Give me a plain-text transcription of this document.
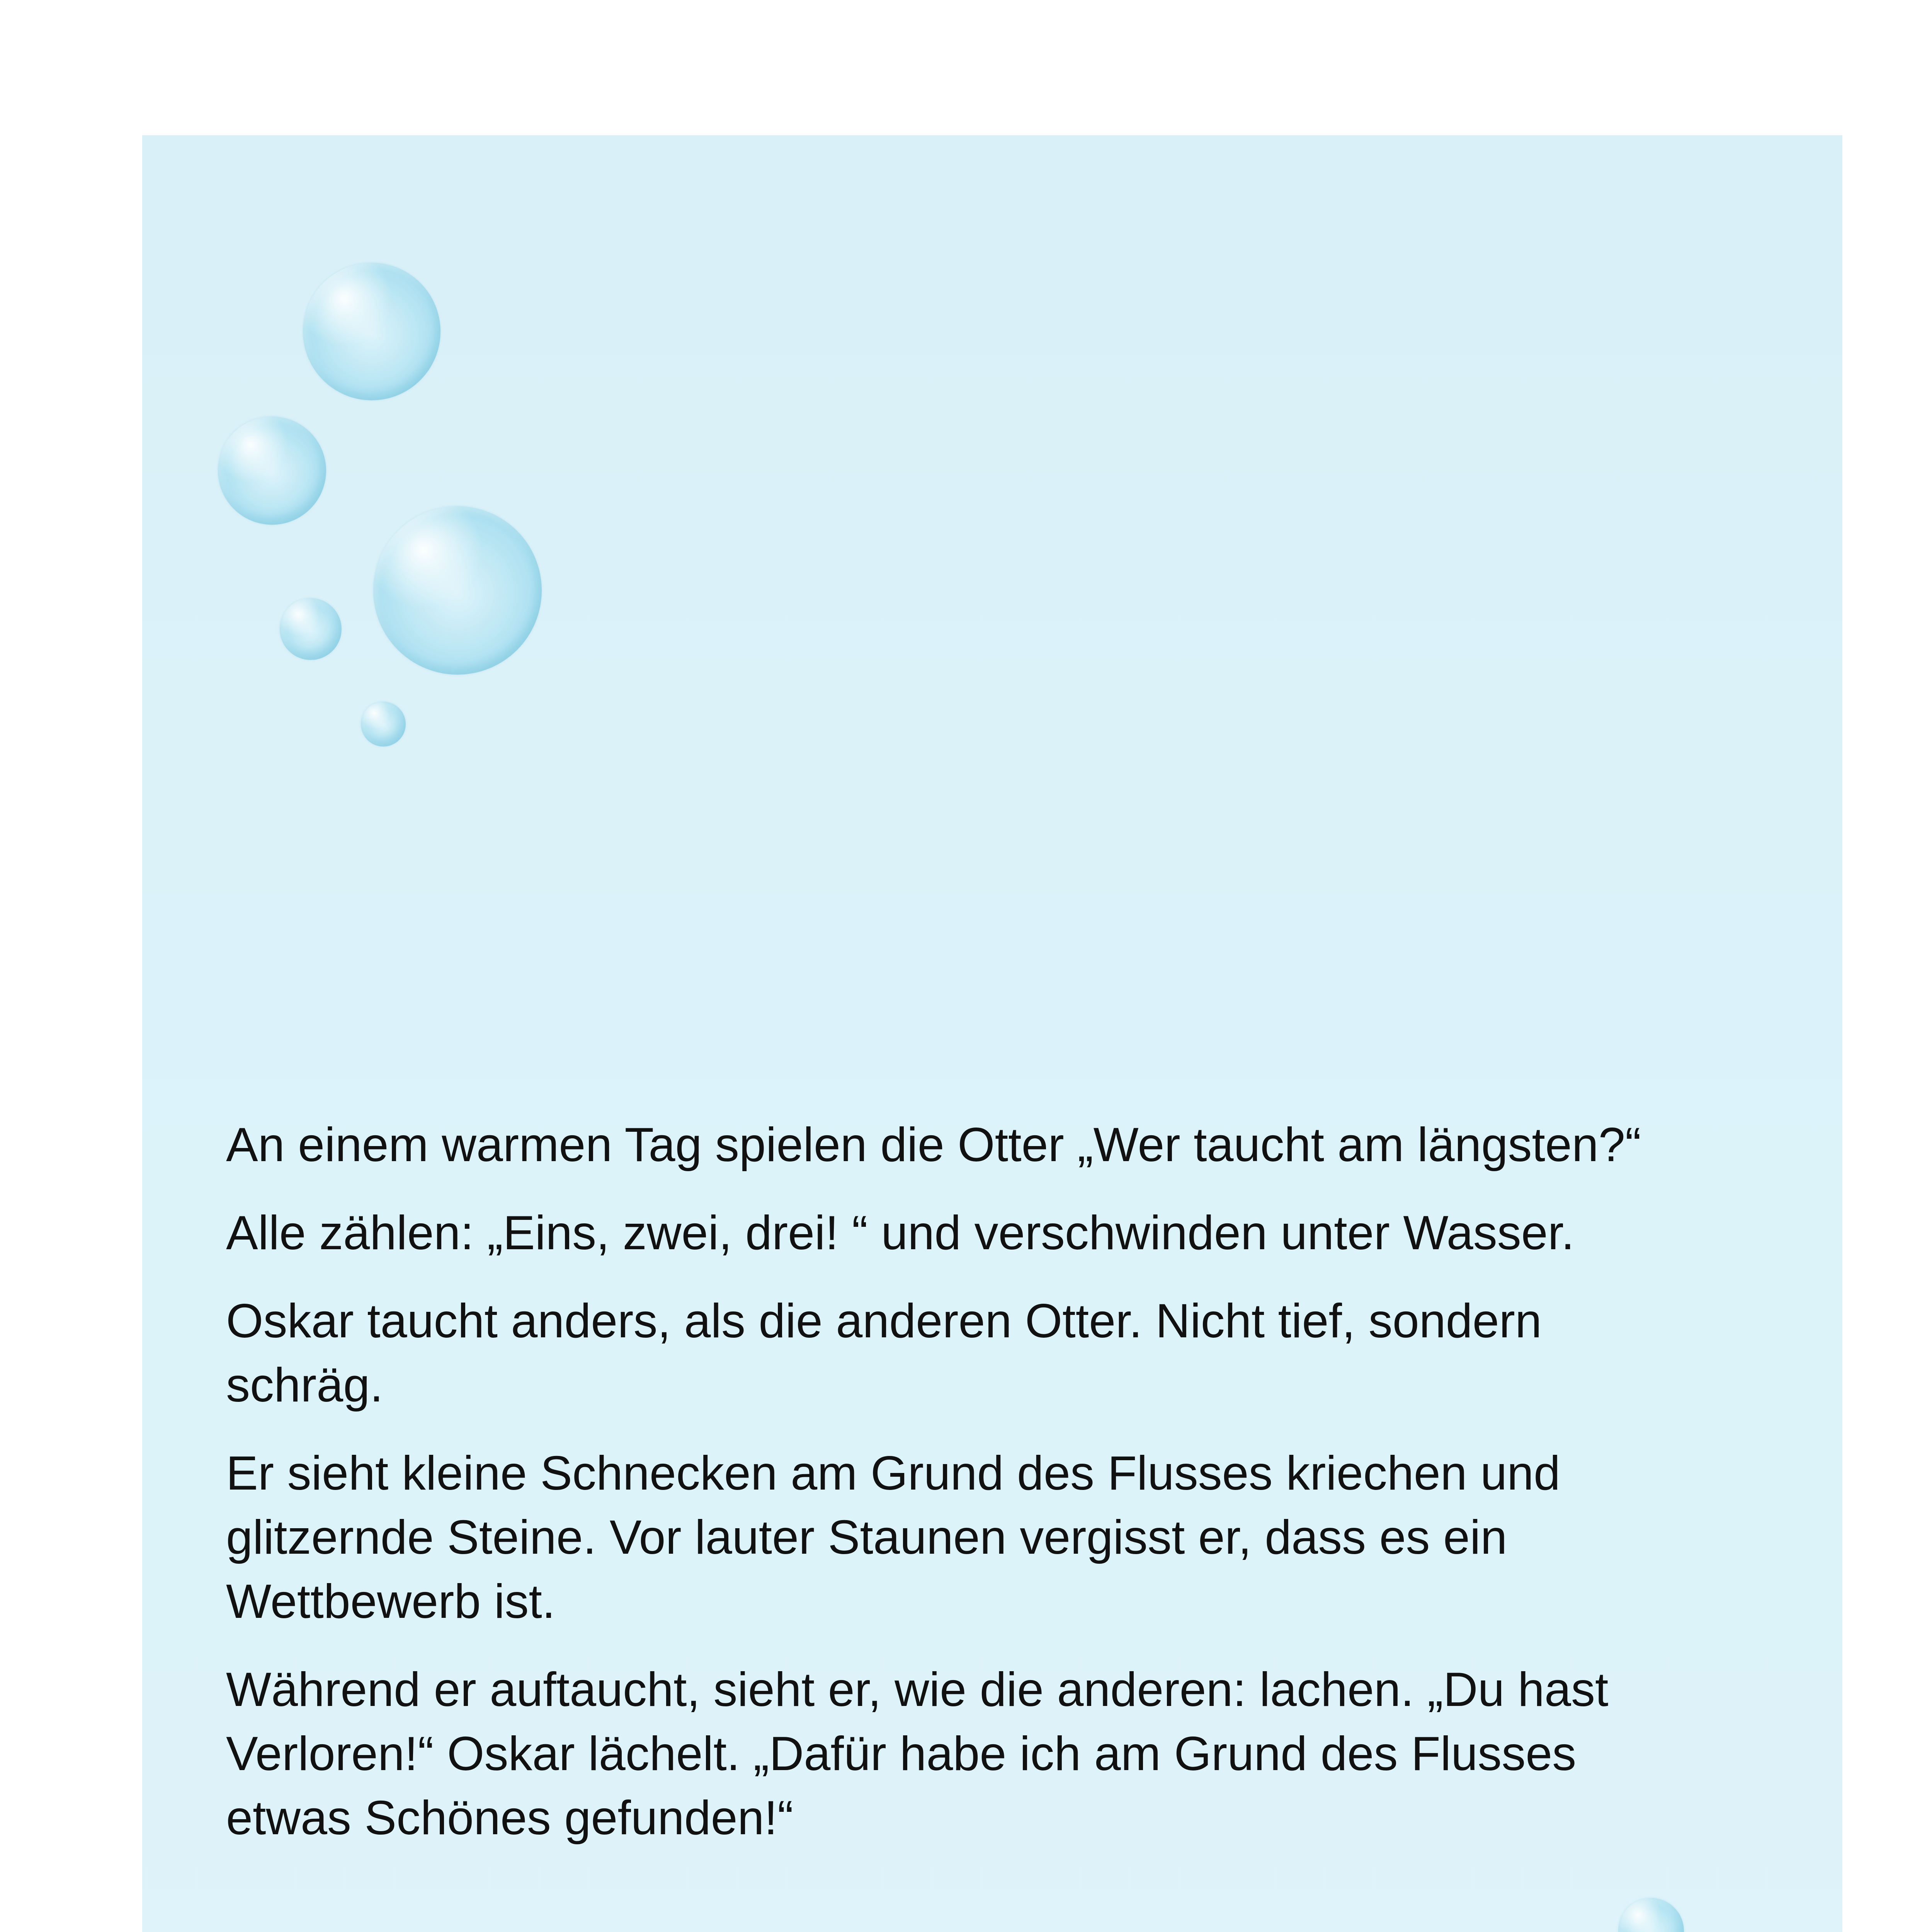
An einem warmen Tag spielen die Otter „Wer taucht am längsten?“

Alle zählen: „Eins, zwei, drei! “ und verschwinden unter Wasser.

Oskar taucht anders, als die anderen Otter. Nicht tief, sondern
schräg.

Er sieht kleine Schnecken am Grund des Flusses kriechen und
glitzernde Steine. Vor lauter Staunen vergisst er, dass es ein
Wettbewerb ist.

Während er auftaucht, sieht er, wie die anderen: lachen. „Du hast
Verloren!“ Oskar lächelt. „Dafür habe ich am Grund des Flusses
etwas Schönes gefunden!“
